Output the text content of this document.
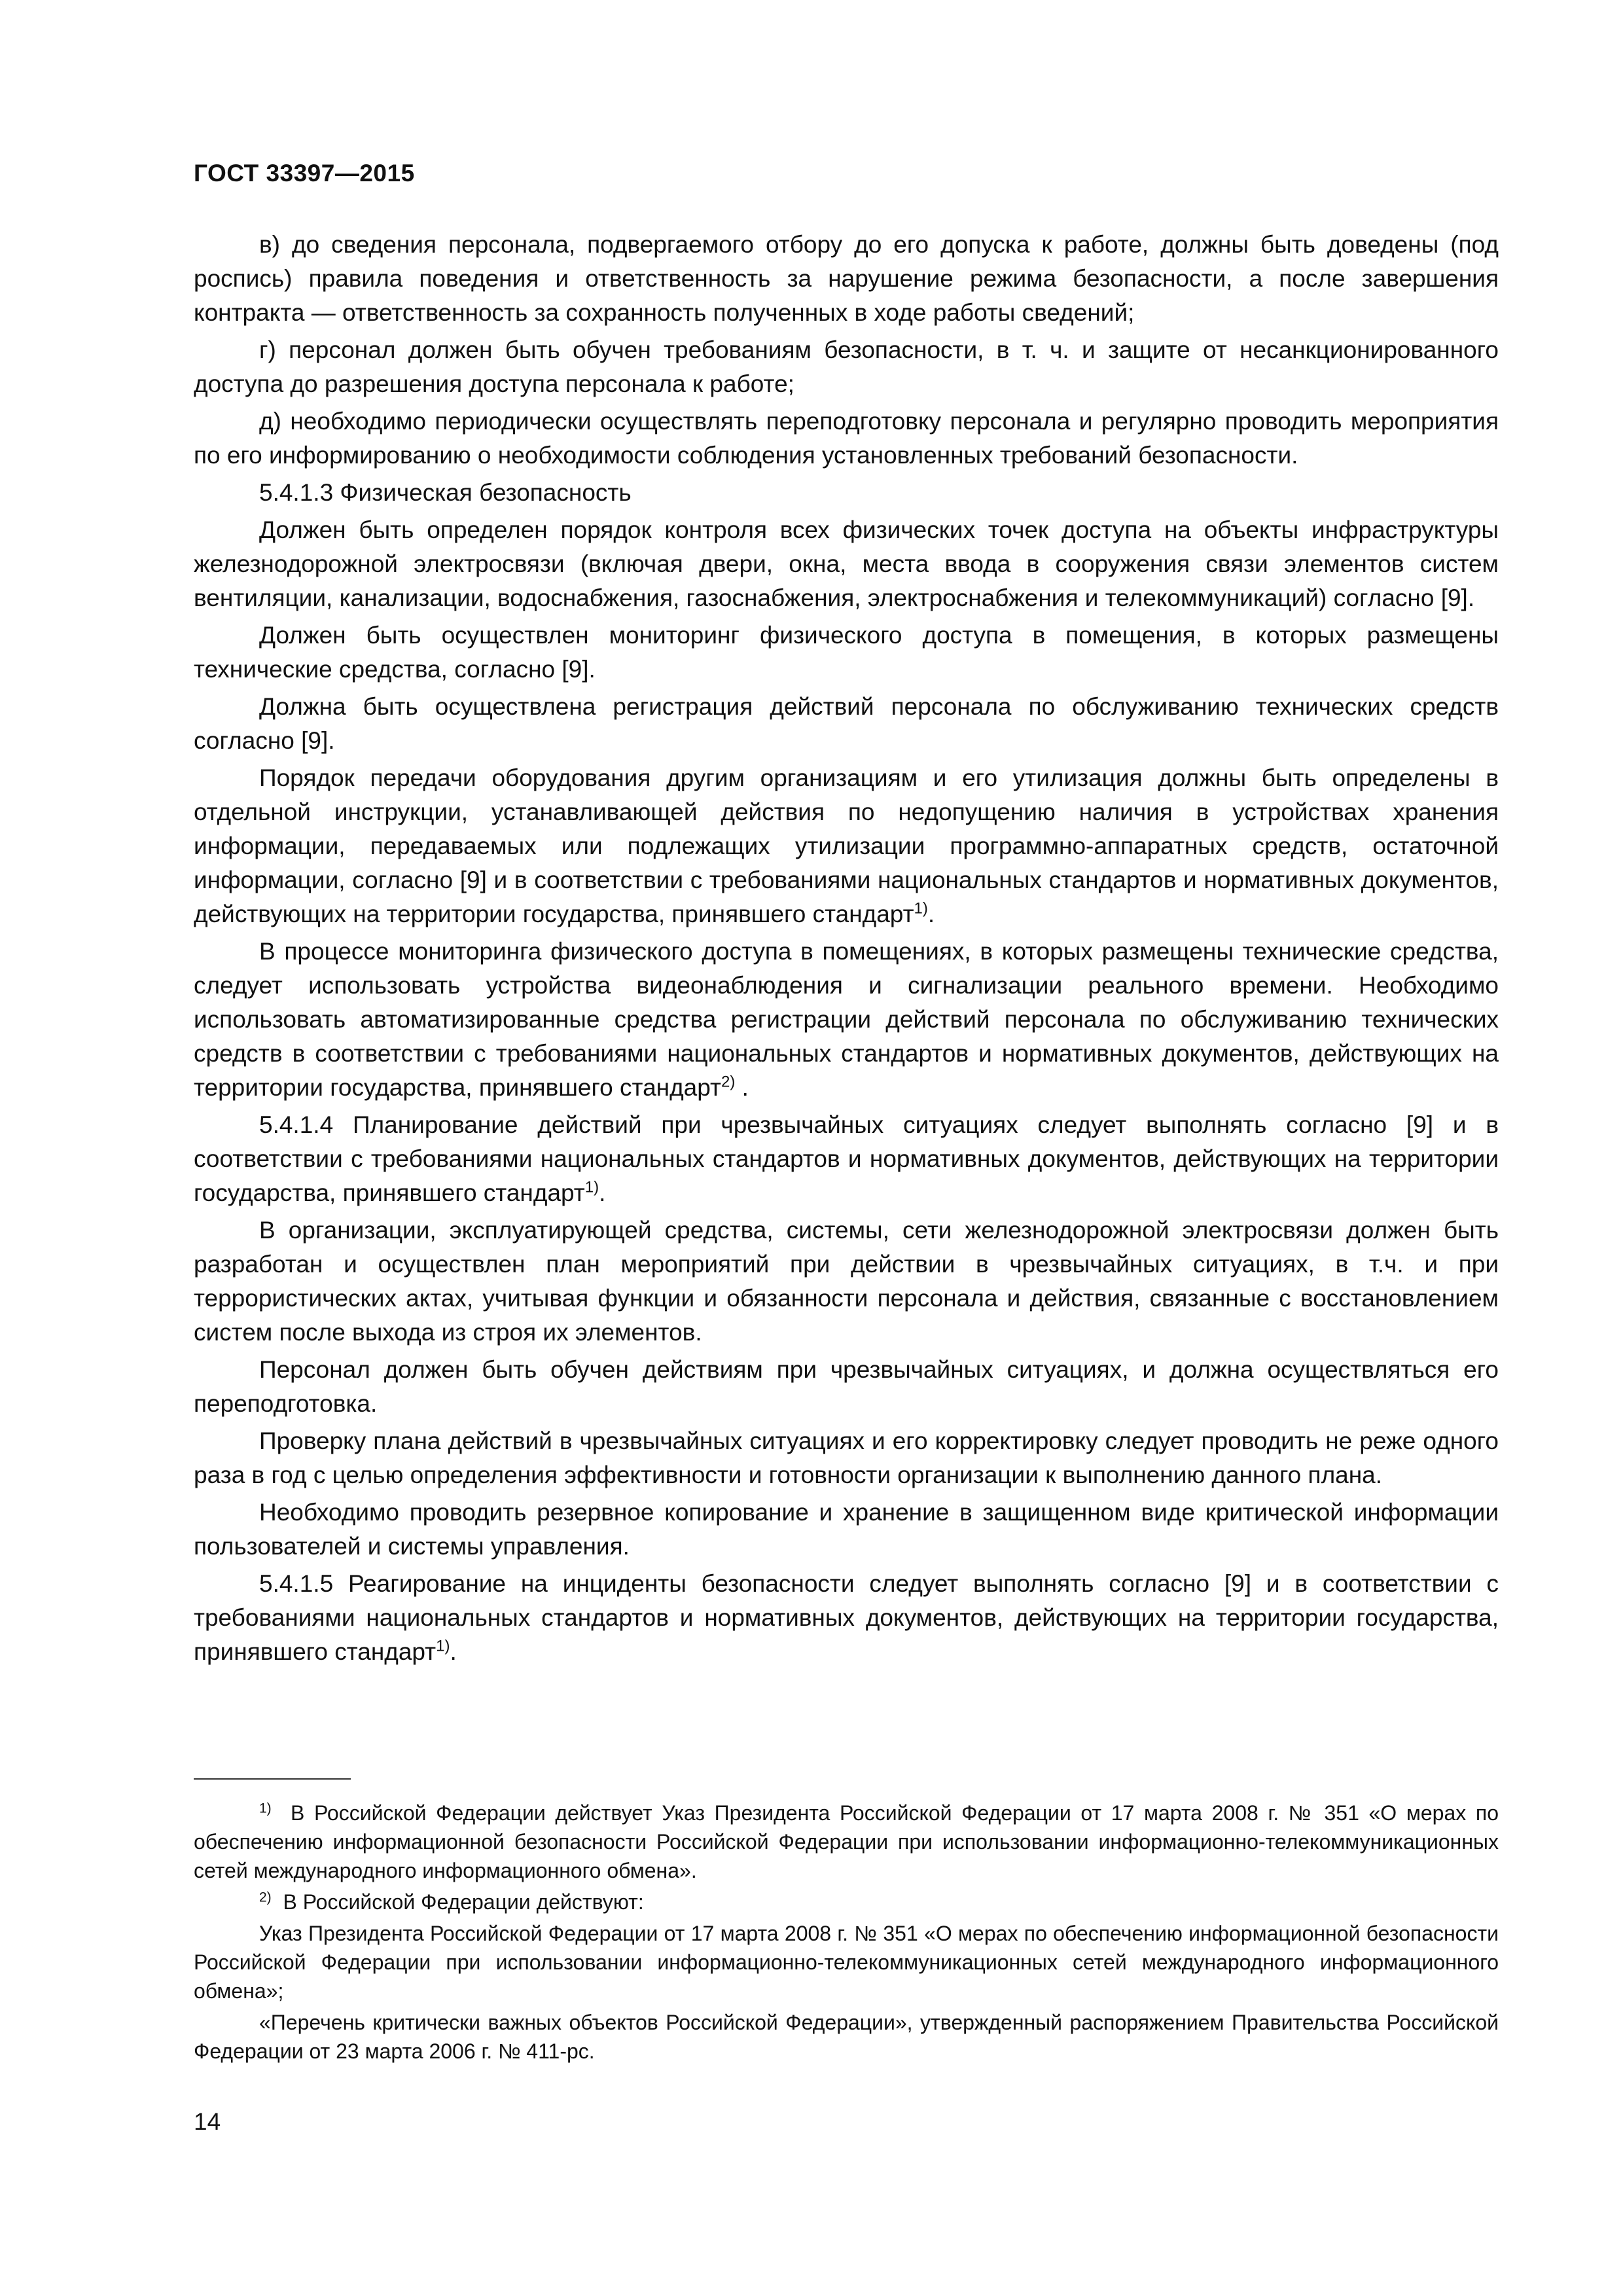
ГОСТ 33397—2015

в) до сведения персонала, подвергаемого отбору до его допуска к работе, должны быть доведены (под роспись) правила поведения и ответственность за нарушение режима безопасности, а после завершения контракта — ответственность за сохранность полученных в ходе работы сведений;

г) персонал должен быть обучен требованиям безопасности, в т. ч. и защите от несанкционированного доступа до разрешения доступа персонала к работе;

д) необходимо периодически осуществлять переподготовку персонала и регулярно проводить мероприятия по его информированию о необходимости соблюдения установленных требований безопасности.

5.4.1.3 Физическая безопасность

Должен быть определен порядок контроля всех физических точек доступа на объекты инфраструктуры железнодорожной электросвязи (включая двери, окна, места ввода в сооружения связи элементов систем вентиляции, канализации, водоснабжения, газоснабжения, электроснабжения и телекоммуникаций) согласно [9].

Должен быть осуществлен мониторинг физического доступа в помещения, в которых размещены технические средства, согласно [9].

Должна быть осуществлена регистрация действий персонала по обслуживанию технических средств согласно [9].

Порядок передачи оборудования другим организациям и его утилизация должны быть определены в отдельной инструкции, устанавливающей действия по недопущению наличия в устройствах хранения информации, передаваемых или подлежащих утилизации программно-аппаратных средств, остаточной информации, согласно [9] и в соответствии с требованиями национальных стандартов и нормативных документов, действующих на территории государства, принявшего стандарт$^{1)}$.

В процессе мониторинга физического доступа в помещениях, в которых размещены технические средства, следует использовать устройства видеонаблюдения и сигнализации реального времени. Необходимо использовать автоматизированные средства регистрации действий персонала по обслуживанию технических средств в соответствии с требованиями национальных стандартов и нормативных документов, действующих на территории государства, принявшего стандарт$^{2)}$ .

5.4.1.4 Планирование действий при чрезвычайных ситуациях следует выполнять согласно [9] и в соответствии с требованиями национальных стандартов и нормативных документов, действующих на территории государства, принявшего стандарт$^{1)}$.

В организации, эксплуатирующей средства, системы, сети железнодорожной электросвязи должен быть разработан и осуществлен план мероприятий при действии в чрезвычайных ситуациях, в т.ч. и при террористических актах, учитывая функции и обязанности персонала и действия, связанные с восстановлением систем после выхода из строя их элементов.

Персонал должен быть обучен действиям при чрезвычайных ситуациях, и должна осуществляться его переподготовка.

Проверку плана действий в чрезвычайных ситуациях и его корректировку следует проводить не реже одного раза в год с целью определения эффективности и готовности организации к выполнению данного плана.

Необходимо проводить резервное копирование и хранение в защищенном виде критической информации пользователей и системы управления.

5.4.1.5 Реагирование на инциденты безопасности следует выполнять согласно [9] и в соответствии с требованиями национальных стандартов и нормативных документов, действующих на территории государства, принявшего стандарт$^{1)}$.

$^{1)}$ В Российской Федерации действует Указ Президента Российской Федерации от 17 марта 2008 г. № 351 «О мерах по обеспечению информационной безопасности Российской Федерации при использовании информационно-телекоммуникационных сетей международного информационного обмена».

$^{2)}$ В Российской Федерации действуют:

Указ Президента Российской Федерации от 17 марта 2008 г. № 351 «О мерах по обеспечению информационной безопасности Российской Федерации при использовании информационно-телекоммуникационных сетей международного информационного обмена»;

«Перечень критически важных объектов Российской Федерации», утвержденный распоряжением Правительства Российской Федерации от 23 марта 2006 г. № 411-рс.

14
